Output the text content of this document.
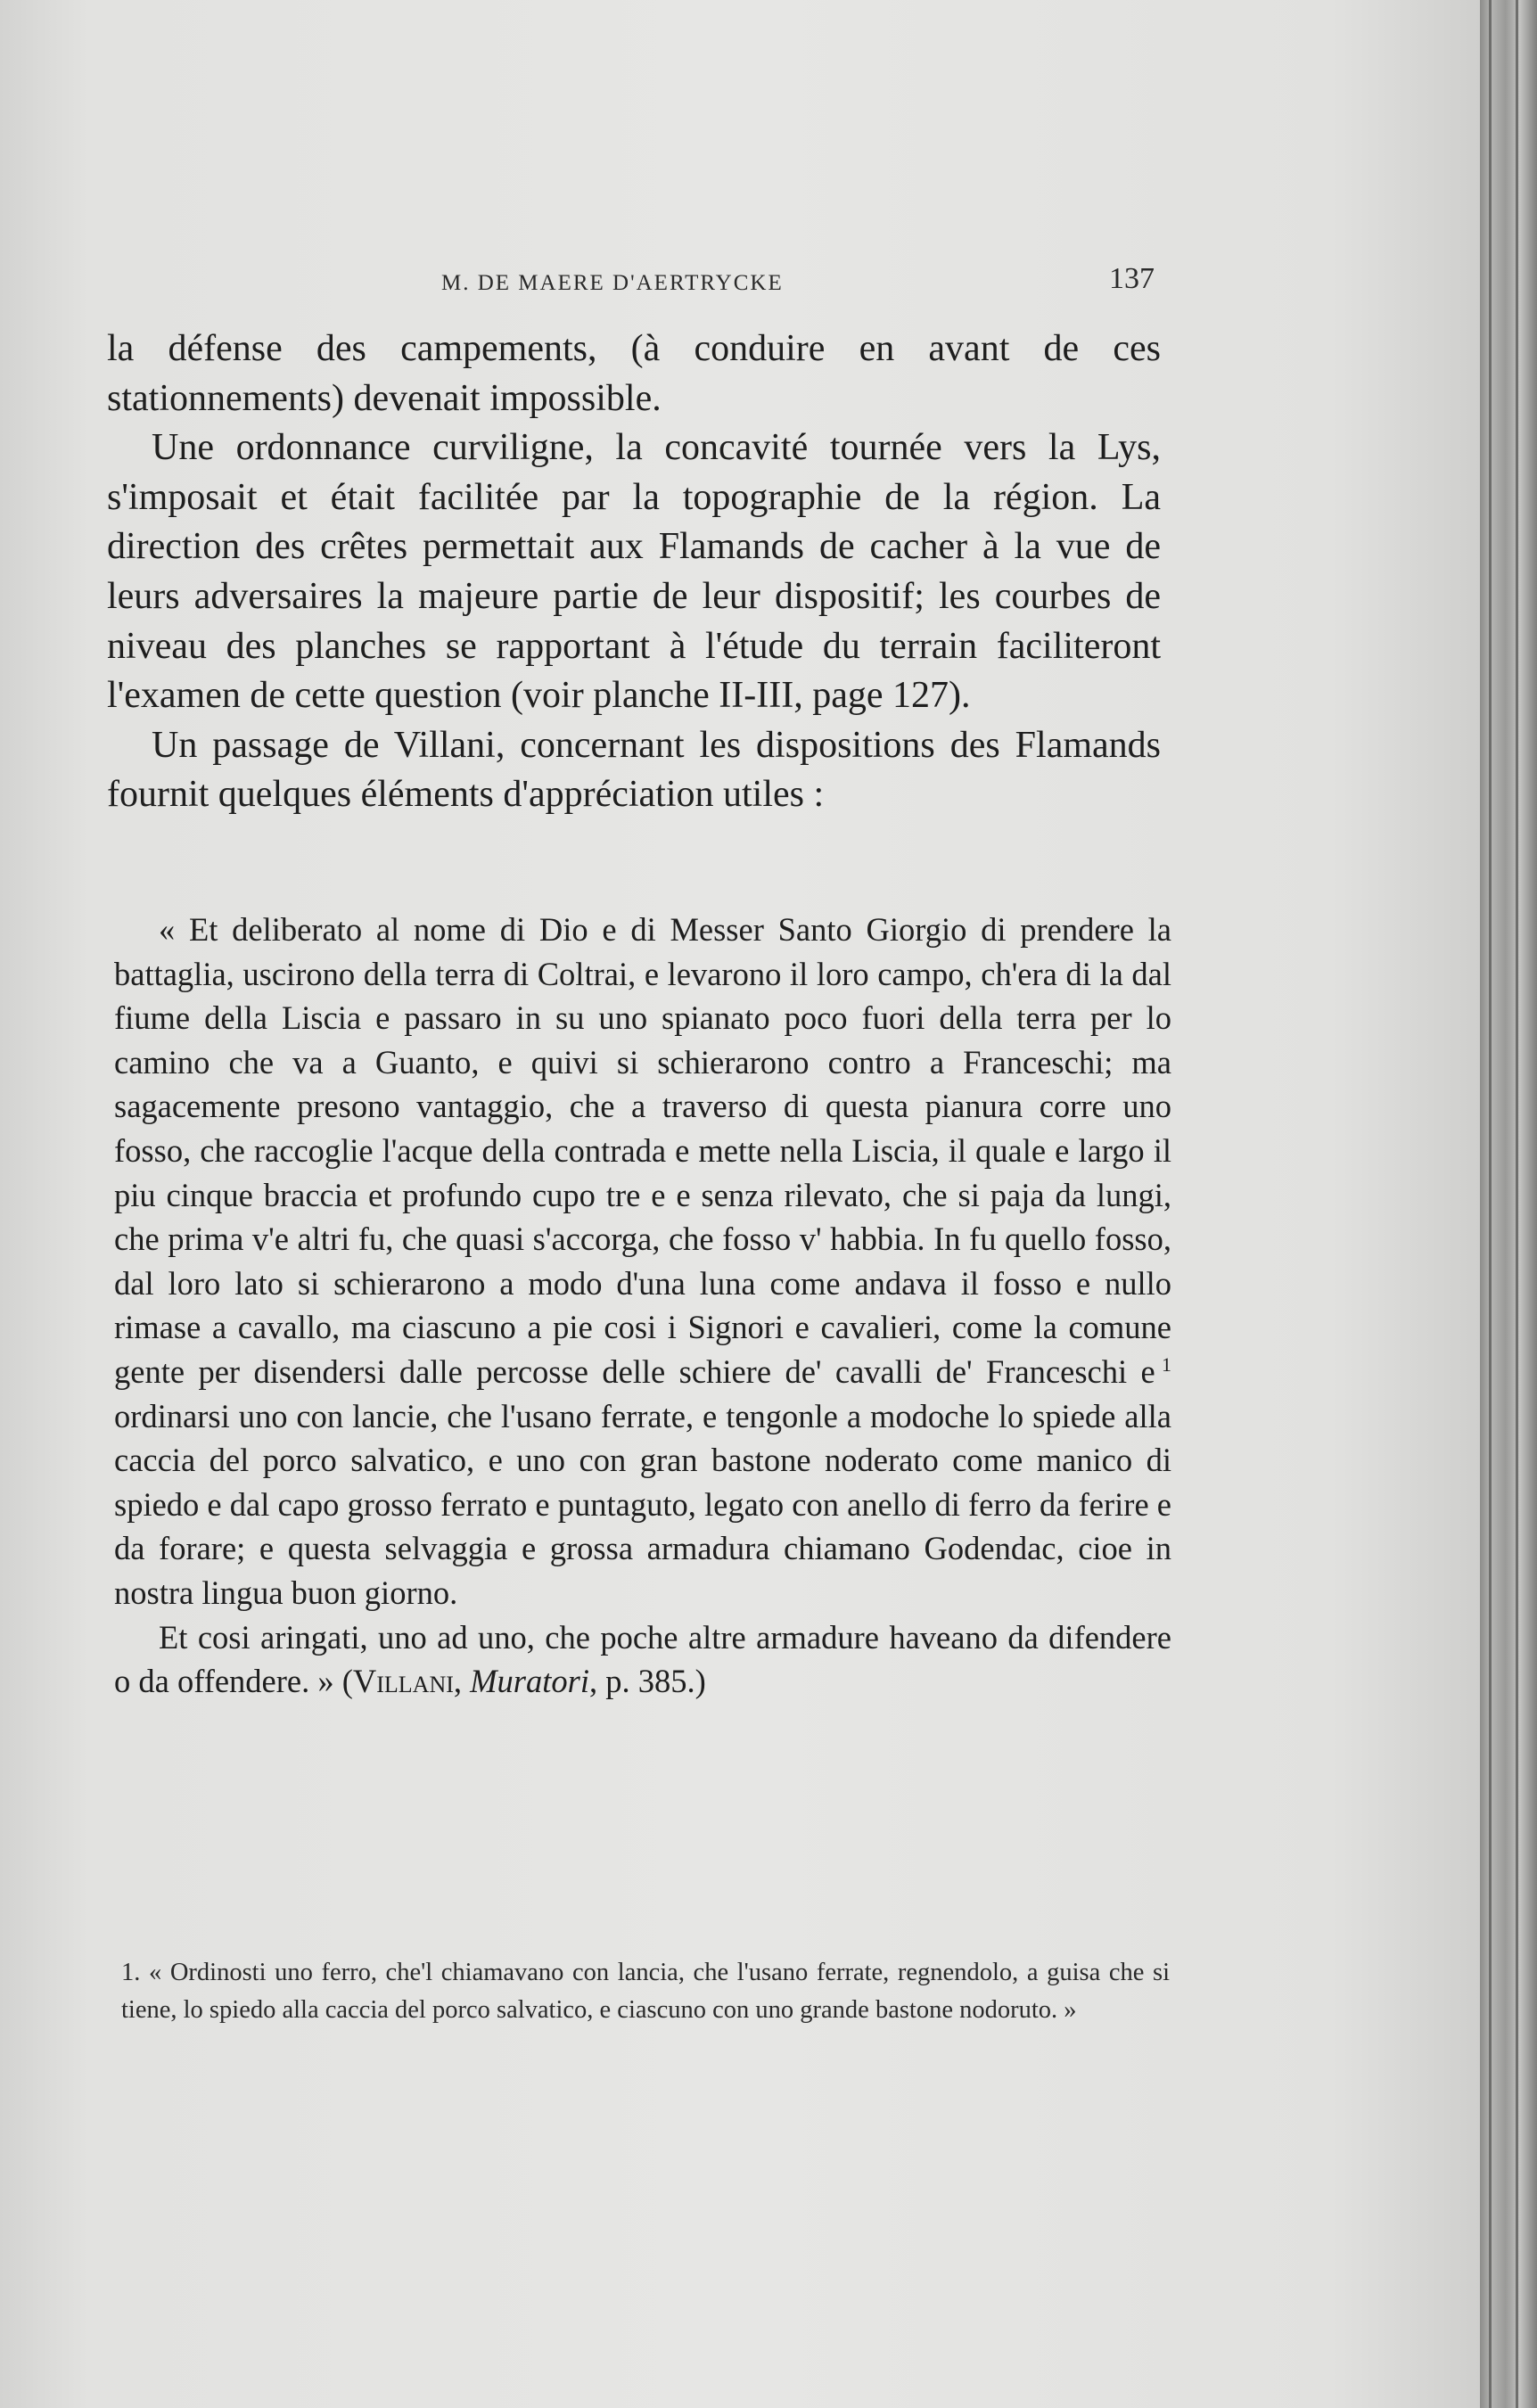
M. DE MAERE D'AERTRYCKE	137

la défense des campements, (à conduire en avant de ces stationnements) devenait impossible.

Une ordonnance curviligne, la concavité tournée vers la Lys, s'imposait et était facilitée par la topographie de la région. La direction des crêtes permettait aux Flamands de cacher à la vue de leurs adversaires la majeure partie de leur dispositif; les courbes de niveau des planches se rapportant à l'étude du terrain faciliteront l'examen de cette question (voir planche II-III, page 127).

Un passage de Villani, concernant les dispositions des Flamands fournit quelques éléments d'appréciation utiles :

« Et deliberato al nome di Dio e di Messer Santo Giorgio di prendere la battaglia, uscirono della terra di Coltrai, e levarono il loro campo, ch'era di la dal fiume della Liscia e passaro in su uno spianato poco fuori della terra per lo camino che va a Guanto, e quivi si schierarono contro a Franceschi; ma sagacemente presono vantaggio, che a traverso di questa pianura corre uno fosso, che raccoglie l'acque della contrada e mette nella Liscia, il quale e largo il piu cinque braccia et profundo cupo tre e e senza rilevato, che si paja da lungi, che prima v'e altri fu, che quasi s'accorga, che fosso v' habbia. In fu quello fosso, dal loro lato si schierarono a modo d'una luna come andava il fosso e nullo rimase a cavallo, ma ciascuno a pie cosi i Signori e cavalieri, come la comune gente per disendersi dalle percosse delle schiere de' cavalli de' Franceschi e  $^1$ ordinarsi uno con lancie, che l'usano ferrate, e tengonle a modoche lo spiede alla caccia del porco salvatico, e uno con gran bastone noderato come manico di spiedo e dal capo grosso ferrato e puntaguto, legato con anello di ferro da ferire e da forare; e questa selvaggia e grossa armadura chiamano Godendac, cioe in nostra lingua buon giorno.

Et cosi aringati, uno ad uno, che poche altre armadure haveano da difendere o da offendere. » (Villani, Muratori, p. 385.)

1. « Ordinosti uno ferro, che'l chiamavano con lancia, che l'usano ferrate, regnendolo, a guisa che si tiene, lo spiedo alla caccia del porco salvatico, e ciascuno con uno grande bastone nodoruto. »
